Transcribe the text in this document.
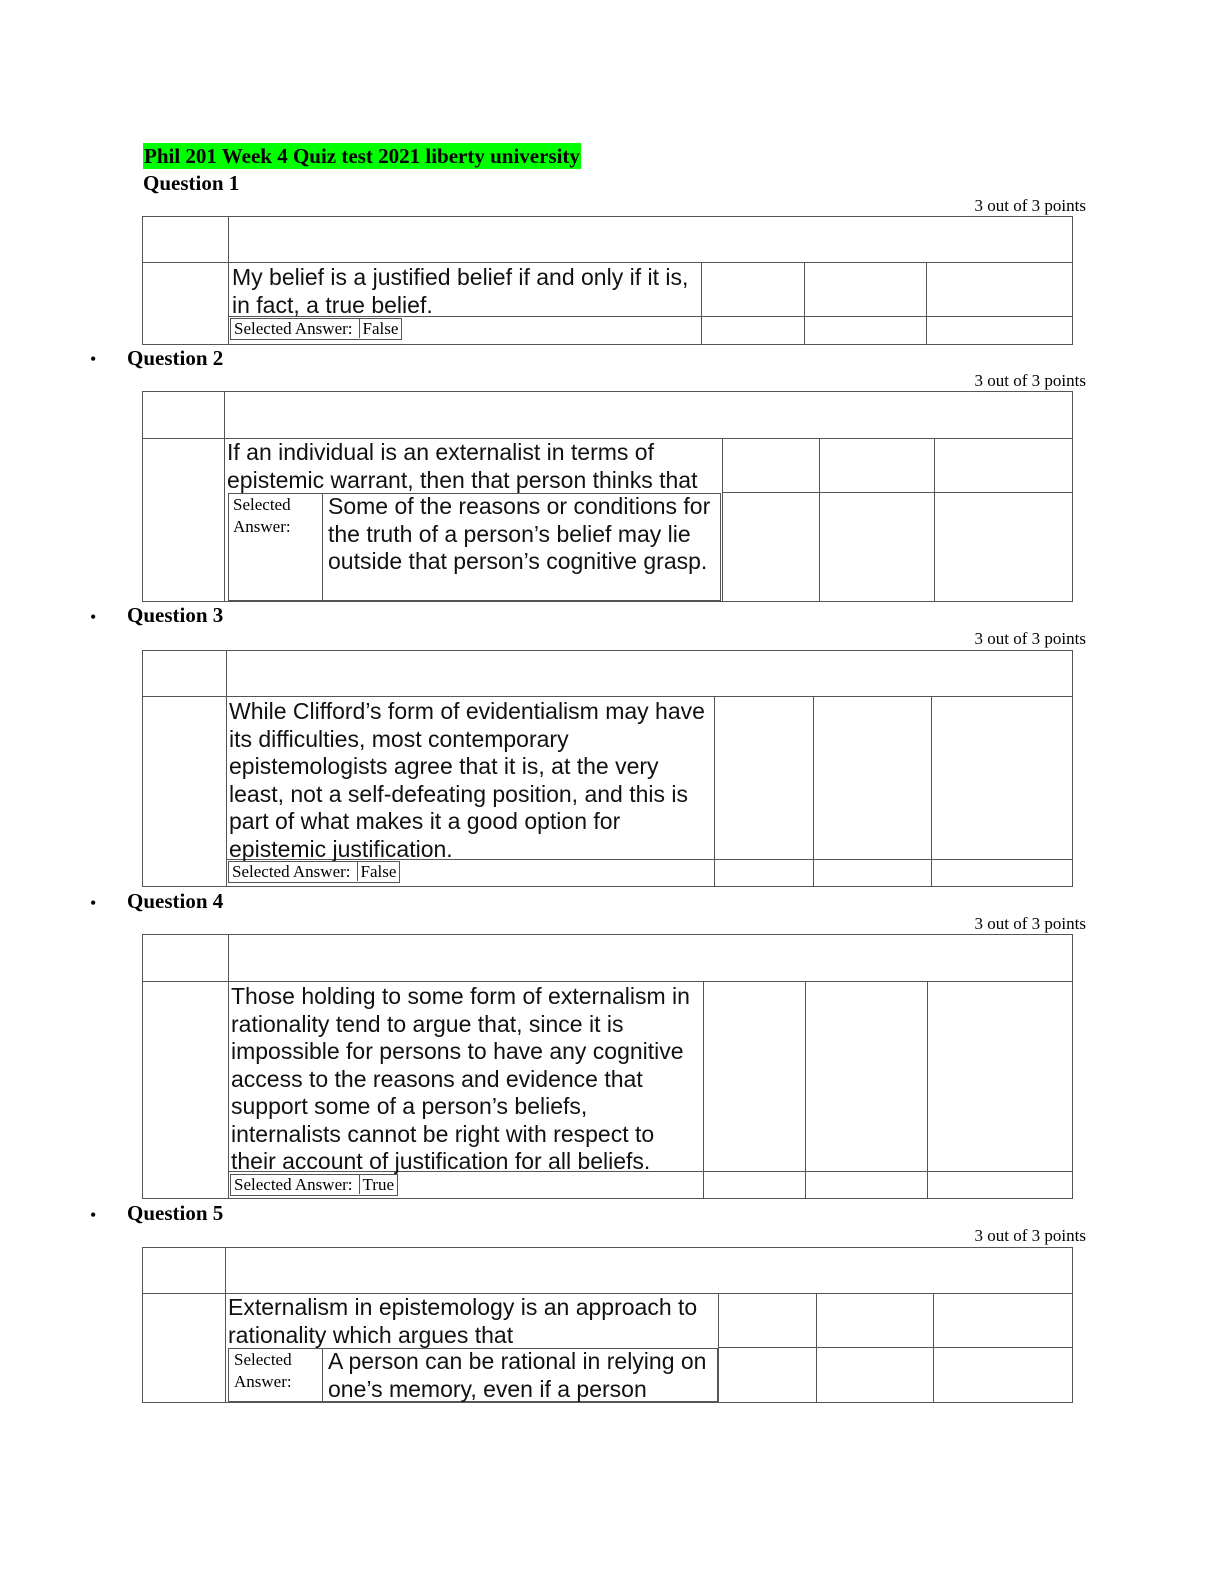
Phil 201 Week 4 Quiz test 2021 liberty university
Question 1
3 out of 3 points
My belief is a justified belief if and only if it is, in fact, a true belief.
Selected Answer: False
• Question 2
3 out of 3 points
If an individual is an externalist in terms of epistemic warrant, then that person thinks that
Selected
Answer:
Some of the reasons or conditions for the truth of a person’s belief may lie outside that person’s cognitive grasp.
• Question 3
3 out of 3 points
While Clifford’s form of evidentialism may have its difficulties, most contemporary epistemologists agree that it is, at the very least, not a self-defeating position, and this is part of what makes it a good option for epistemic justification.
Selected Answer: False
• Question 4
3 out of 3 points
Those holding to some form of externalism in rationality tend to argue that, since it is impossible for persons to have any cognitive access to the reasons and evidence that support some of a person’s beliefs, internalists cannot be right with respect to their account of justification for all beliefs.
Selected Answer: True
• Question 5
3 out of 3 points
Externalism in epistemology is an approach to rationality which argues that
Selected
Answer:
A person can be rational in relying on one’s memory, even if a person
